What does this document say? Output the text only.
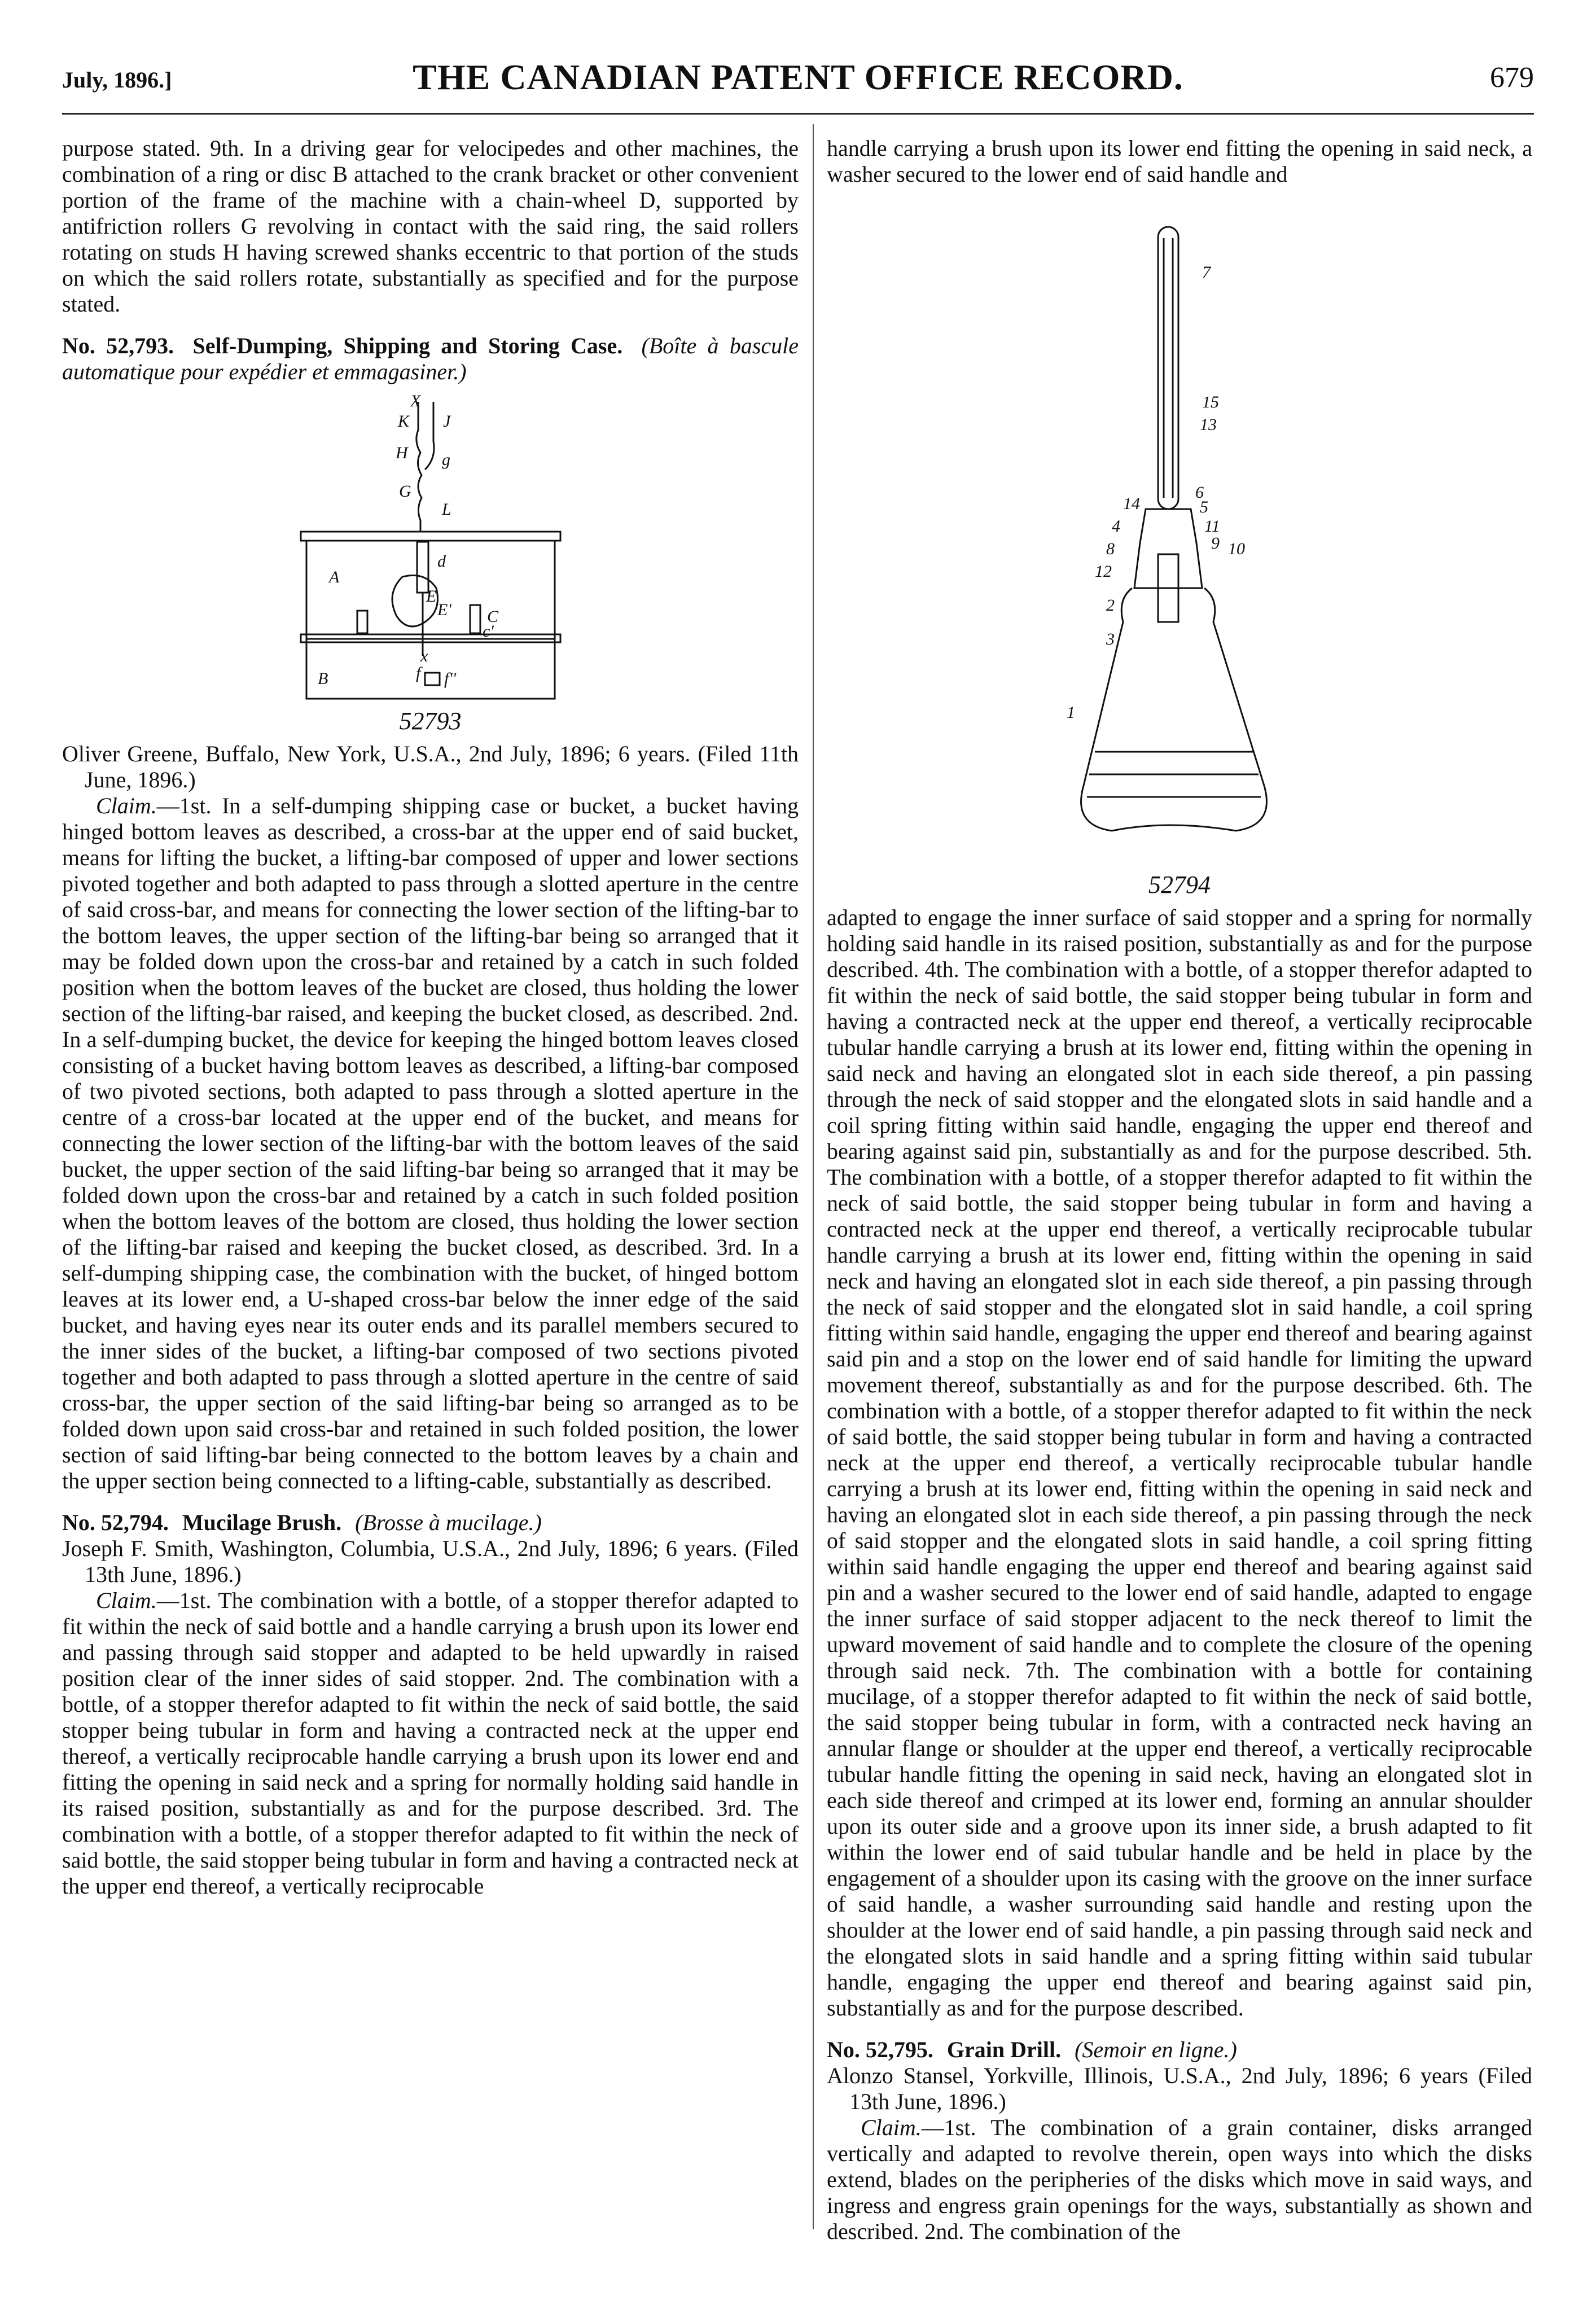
July, 1896.]	THE CANADIAN PATENT OFFICE RECORD.	679

purpose stated. 9th. In a driving gear for velocipedes and other machines, the combination of a ring or disc B attached to the crank bracket or other convenient portion of the frame of the machine with a chain-wheel D, supported by antifriction rollers G revolving in contact with the said ring, the said rollers rotating on studs H having screwed shanks eccentric to that portion of the studs on which the said rollers rotate, substantially as specified and for the purpose stated.

No. 52,793. Self-Dumping, Shipping and Storing Case. (Boîte à bascule automatique pour expédier et emmagasiner.)
X
K J
H g
G
L
d
A
E
E' C
c'
x
B	f f''
52793

Oliver Greene, Buffalo, New York, U.S.A., 2nd July, 1896; 6 years. (Filed 11th June, 1896.)

Claim.—1st. In a self-dumping shipping case or bucket, a bucket having hinged bottom leaves as described, a cross-bar at the upper end of said bucket, means for lifting the bucket, a lifting-bar composed of upper and lower sections pivoted together and both adapted to pass through a slotted aperture in the centre of said cross-bar, and means for connecting the lower section of the lifting-bar to the bottom leaves, the upper section of the lifting-bar being so arranged that it may be folded down upon the cross-bar and retained by a catch in such folded position when the bottom leaves of the bucket are closed, thus holding the lower section of the lifting-bar raised, and keeping the bucket closed, as described. 2nd. In a self-dumping bucket, the device for keeping the hinged bottom leaves closed consisting of a bucket having bottom leaves as described, a lifting-bar composed of two pivoted sections, both adapted to pass through a slotted aperture in the centre of a cross-bar located at the upper end of the bucket, and means for connecting the lower section of the lifting-bar with the bottom leaves of the said bucket, the upper section of the said lifting-bar being so arranged that it may be folded down upon the cross-bar and retained by a catch in such folded position when the bottom leaves of the bottom are closed, thus holding the lower section of the lifting-bar raised and keeping the bucket closed, as described. 3rd. In a self-dumping shipping case, the combination with the bucket, of hinged bottom leaves at its lower end, a U-shaped cross-bar below the inner edge of the said bucket, and having eyes near its outer ends and its parallel members secured to the inner sides of the bucket, a lifting-bar composed of two sections pivoted together and both adapted to pass through a slotted aperture in the centre of said cross-bar, the upper section of the said lifting-bar being so arranged as to be folded down upon said cross-bar and retained in such folded position, the lower section of said lifting-bar being connected to the bottom leaves by a chain and the upper section being connected to a lifting-cable, substantially as described.

No. 52,794. Mucilage Brush. (Brosse à mucilage.)

Joseph F. Smith, Washington, Columbia, U.S.A., 2nd July, 1896; 6 years. (Filed 13th June, 1896.)

Claim.—1st. The combination with a bottle, of a stopper therefor adapted to fit within the neck of said bottle and a handle carrying a brush upon its lower end and passing through said stopper and adapted to be held upwardly in raised position clear of the inner sides of said stopper. 2nd. The combination with a bottle, of a stopper therefor adapted to fit within the neck of said bottle, the said stopper being tubular in form and having a contracted neck at the upper end thereof, a vertically reciprocable handle carrying a brush upon its lower end and fitting the opening in said neck and a spring for normally holding said handle in its raised position, substantially as and for the purpose described. 3rd. The combination with a bottle, of a stopper therefor adapted to fit within the neck of said bottle, the said stopper being tubular in form and having a contracted neck at the upper end thereof, a vertically reciprocable

handle carrying a brush upon its lower end fitting the opening in said neck, a washer secured to the lower end of said handle and

7
15
13
14
6
5
11
4
8	9 10
12
2
3
1
52794

adapted to engage the inner surface of said stopper and a spring for normally holding said handle in its raised position, substantially as and for the purpose described. 4th. The combination with a bottle, of a stopper therefor adapted to fit within the neck of said bottle, the said stopper being tubular in form and having a contracted neck at the upper end thereof, a vertically reciprocable tubular handle carrying a brush at its lower end, fitting within the opening in said neck and having an elongated slot in each side thereof, a pin passing through the neck of said stopper and the elongated slots in said handle and a coil spring fitting within said handle, engaging the upper end thereof and bearing against said pin, substantially as and for the purpose described. 5th. The combination with a bottle, of a stopper therefor adapted to fit within the neck of said bottle, the said stopper being tubular in form and having a contracted neck at the upper end thereof, a vertically reciprocable tubular handle carrying a brush at its lower end, fitting within the opening in said neck and having an elongated slot in each side thereof, a pin passing through the neck of said stopper and the elongated slot in said handle, a coil spring fitting within said handle, engaging the upper end thereof and bearing against said pin and a stop on the lower end of said handle for limiting the upward movement thereof, substantially as and for the purpose described. 6th. The combination with a bottle, of a stopper therefor adapted to fit within the neck of said bottle, the said stopper being tubular in form and having a contracted neck at the upper end thereof, a vertically reciprocable tubular handle carrying a brush at its lower end, fitting within the opening in said neck and having an elongated slot in each side thereof, a pin passing through the neck of said stopper and the elongated slots in said handle, a coil spring fitting within said handle engaging the upper end thereof and bearing against said pin and a washer secured to the lower end of said handle, adapted to engage the inner surface of said stopper adjacent to the neck thereof to limit the upward movement of said handle and to complete the closure of the opening through said neck. 7th. The combination with a bottle for containing mucilage, of a stopper therefor adapted to fit within the neck of said bottle, the said stopper being tubular in form, with a contracted neck having an annular flange or shoulder at the upper end thereof, a vertically reciprocable tubular handle fitting the opening in said neck, having an elongated slot in each side thereof and crimped at its lower end, forming an annular shoulder upon its outer side and a groove upon its inner side, a brush adapted to fit within the lower end of said tubular handle and be held in place by the engagement of a shoulder upon its casing with the groove on the inner surface of said handle, a washer surrounding said handle and resting upon the shoulder at the lower end of said handle, a pin passing through said neck and the elongated slots in said handle and a spring fitting within said tubular handle, engaging the upper end thereof and bearing against said pin, substantially as and for the purpose described.

No. 52,795. Grain Drill. (Semoir en ligne.)

Alonzo Stansel, Yorkville, Illinois, U.S.A., 2nd July, 1896; 6 years (Filed 13th June, 1896.)

Claim.—1st. The combination of a grain container, disks arranged vertically and adapted to revolve therein, open ways into which the disks extend, blades on the peripheries of the disks which move in said ways, and ingress and engress grain openings for the ways, substantially as shown and described. 2nd. The combination of the
